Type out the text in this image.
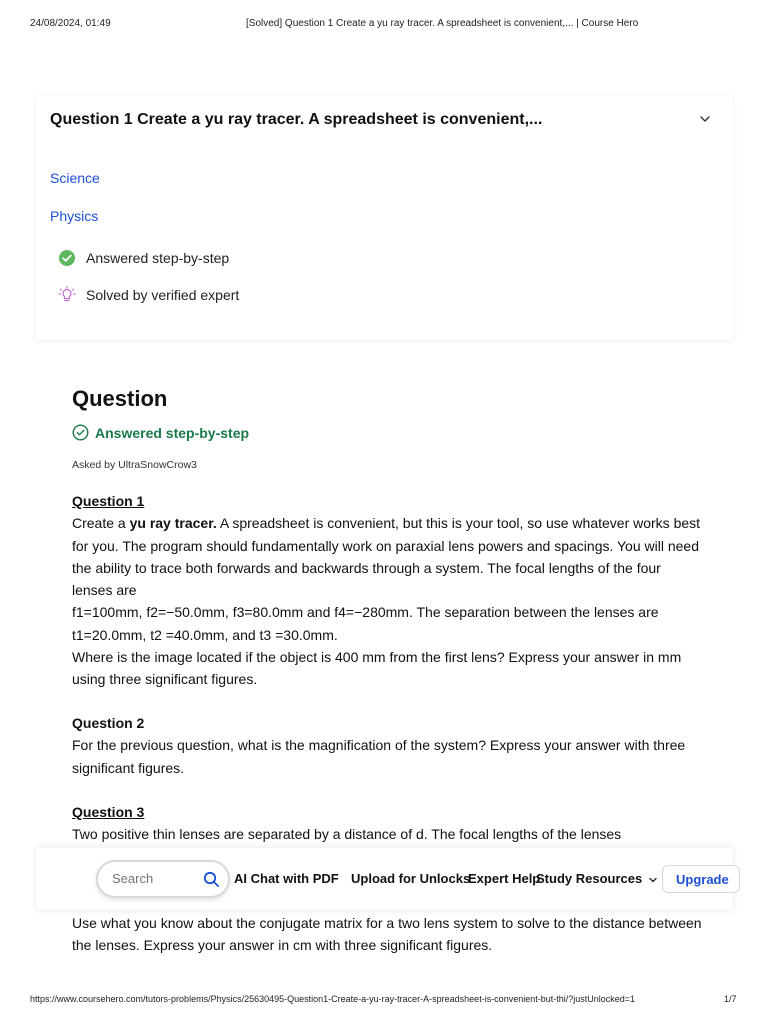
24/08/2024, 01:49	[Solved] Question 1 Create a yu ray tracer. A spreadsheet is convenient,... | Course Hero
Question 1 Create a yu ray tracer. A spreadsheet is convenient,...
Science
Physics
Answered step-by-step
Solved by verified expert
Question
Answered step-by-step
Asked by UltraSnowCrow3
Question 1
Create a yu ray tracer. A spreadsheet is convenient, but this is your tool, so use whatever works best for you. The program should fundamentally work on paraxial lens powers and spacings. You will need the ability to trace both forwards and backwards through a system. The focal lengths of the four lenses are
f1=100mm, f2=−50.0mm, f3=80.0mm and f4=−280mm. The separation between the lenses are t1=20.0mm, t2 =40.0mm, and t3 =30.0mm.
Where is the image located if the object is 400 mm from the first lens? Express your answer in mm using three significant figures.
Question 2
For the previous question, what is the magnification of the system? Express your answer with three significant figures.
Question 3
Two positive thin lenses are separated by a distance of d. The focal lengths of the lenses
Use what you know about the conjugate matrix for a two lens system to solve to the distance between the lenses. Express your answer in cm with three significant figures.
Search
AI Chat with PDF Upload for Unlocks
Expert Help
Study Resources	Upgrade
https://www.coursehero.com/tutors-problems/Physics/25630495-Question1-Create-a-yu-ray-tracer-A-spreadsheet-is-convenient-but-thi/?justUnlocked=1	1/7
